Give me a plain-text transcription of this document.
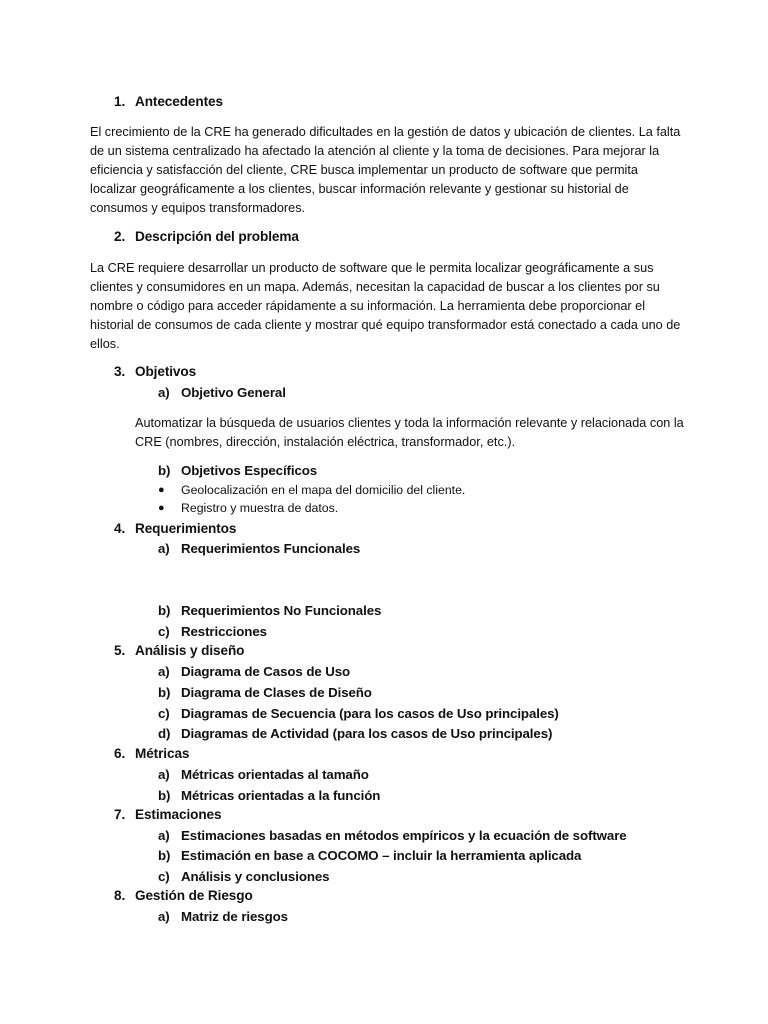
1. Antecedentes
El crecimiento de la CRE ha generado dificultades en la gestión de datos y ubicación de clientes. La falta de un sistema centralizado ha afectado la atención al cliente y la toma de decisiones. Para mejorar la eficiencia y satisfacción del cliente, CRE busca implementar un producto de software que permita localizar geográficamente a los clientes, buscar información relevante y gestionar su historial de consumos y equipos transformadores.
2. Descripción del problema
La CRE requiere desarrollar un producto de software que le permita localizar geográficamente a sus clientes y consumidores en un mapa. Además, necesitan la capacidad de buscar a los clientes por su nombre o código para acceder rápidamente a su información. La herramienta debe proporcionar el historial de consumos de cada cliente y mostrar qué equipo transformador está conectado a cada uno de ellos.
3. Objetivos
a) Objetivo General
Automatizar la búsqueda de usuarios clientes y toda la información relevante y relacionada con la CRE (nombres, dirección, instalación eléctrica, transformador, etc.).
b) Objetivos Específicos
● Geolocalización en el mapa del domicilio del cliente.
● Registro y muestra de datos.
4. Requerimientos
a) Requerimientos Funcionales
b) Requerimientos No Funcionales
c) Restricciones
5. Análisis y diseño
a) Diagrama de Casos de Uso
b) Diagrama de Clases de Diseño
c) Diagramas de Secuencia (para los casos de Uso principales)
d) Diagramas de Actividad (para los casos de Uso principales)
6. Métricas
a) Métricas orientadas al tamaño
b) Métricas orientadas a la función
7. Estimaciones
a) Estimaciones basadas en métodos empíricos y la ecuación de software
b) Estimación en base a COCOMO – incluir la herramienta aplicada
c) Análisis y conclusiones
8. Gestión de Riesgo
a) Matriz de riesgos
